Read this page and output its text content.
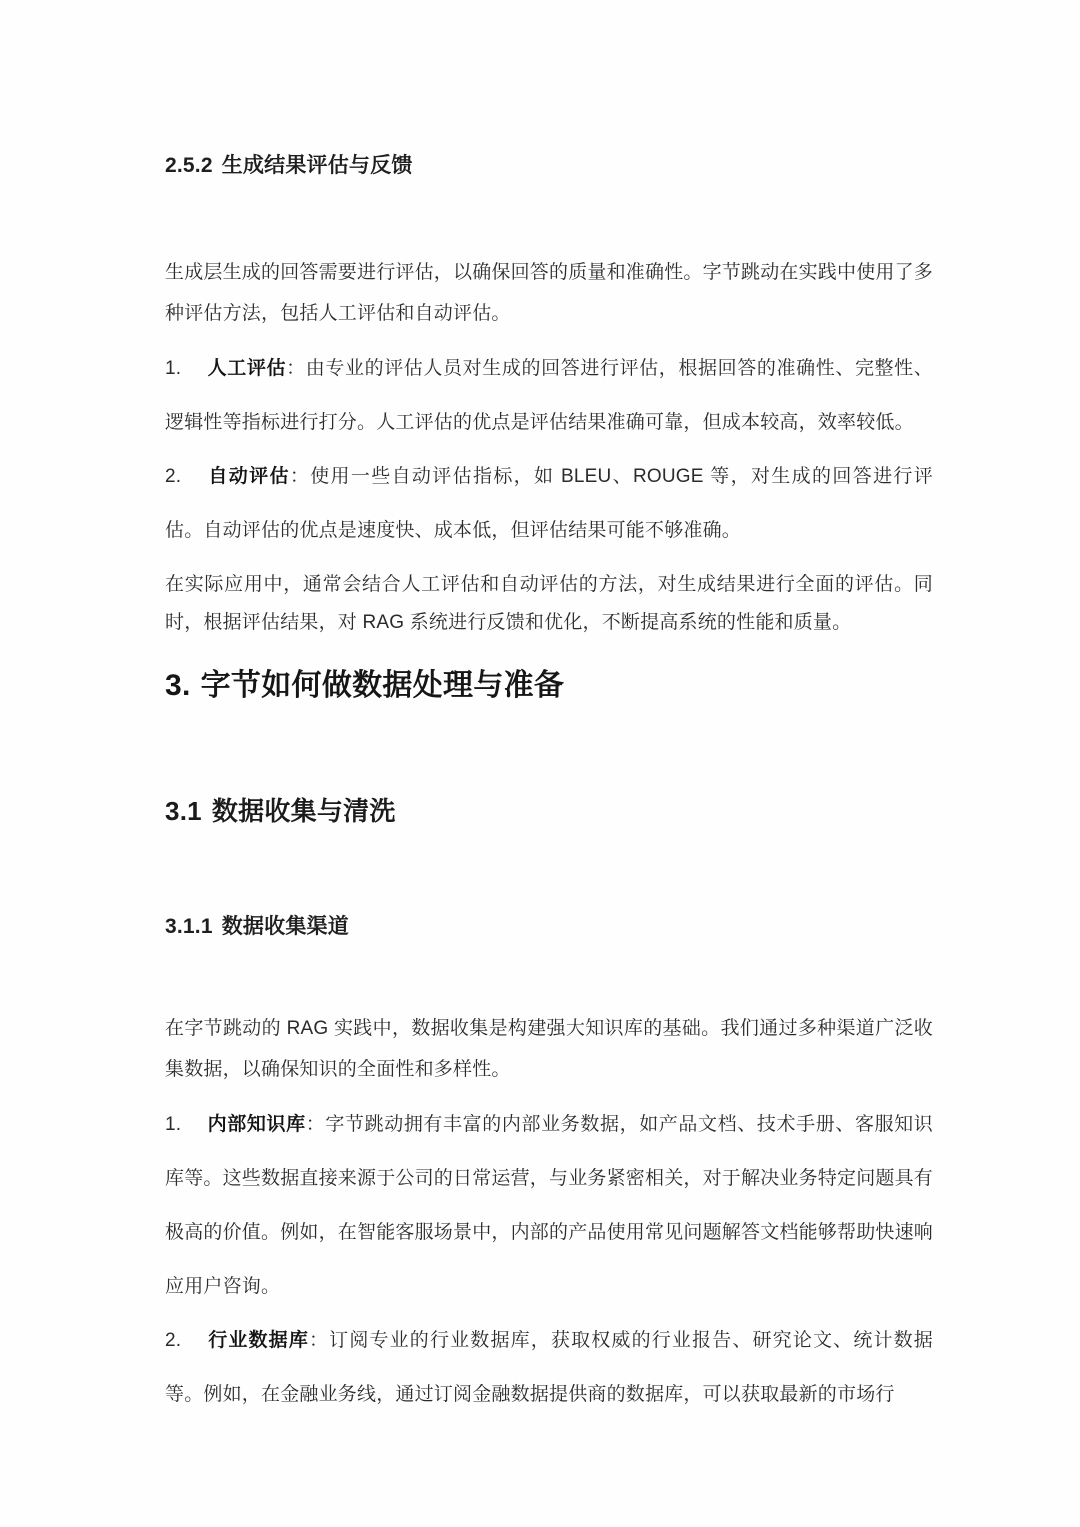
2.5.2 生成结果评估与反馈

生成层生成的回答需要进行评估，以确保回答的质量和准确性。字节跳动在实践中使用了多种评估方法，包括人工评估和自动评估。

1. 人工评估：由专业的评估人员对生成的回答进行评估，根据回答的准确性、完整性、逻辑性等指标进行打分。人工评估的优点是评估结果准确可靠，但成本较高，效率较低。

2. 自动评估：使用一些自动评估指标，如 BLEU、ROUGE 等，对生成的回答进行评估。自动评估的优点是速度快、成本低，但评估结果可能不够准确。

在实际应用中，通常会结合人工评估和自动评估的方法，对生成结果进行全面的评估。同时，根据评估结果，对 RAG 系统进行反馈和优化，不断提高系统的性能和质量。

3. 字节如何做数据处理与准备
3.1 数据收集与清洗
3.1.1 数据收集渠道

在字节跳动的 RAG 实践中，数据收集是构建强大知识库的基础。我们通过多种渠道广泛收集数据，以确保知识的全面性和多样性。

1. 内部知识库：字节跳动拥有丰富的内部业务数据，如产品文档、技术手册、客服知识库等。这些数据直接来源于公司的日常运营，与业务紧密相关，对于解决业务特定问题具有极高的价值。例如，在智能客服场景中，内部的产品使用常见问题解答文档能够帮助快速响应用户咨询。

2. 行业数据库：订阅专业的行业数据库，获取权威的行业报告、研究论文、统计数据等。例如，在金融业务线，通过订阅金融数据提供商的数据库，可以获取最新的市场行
